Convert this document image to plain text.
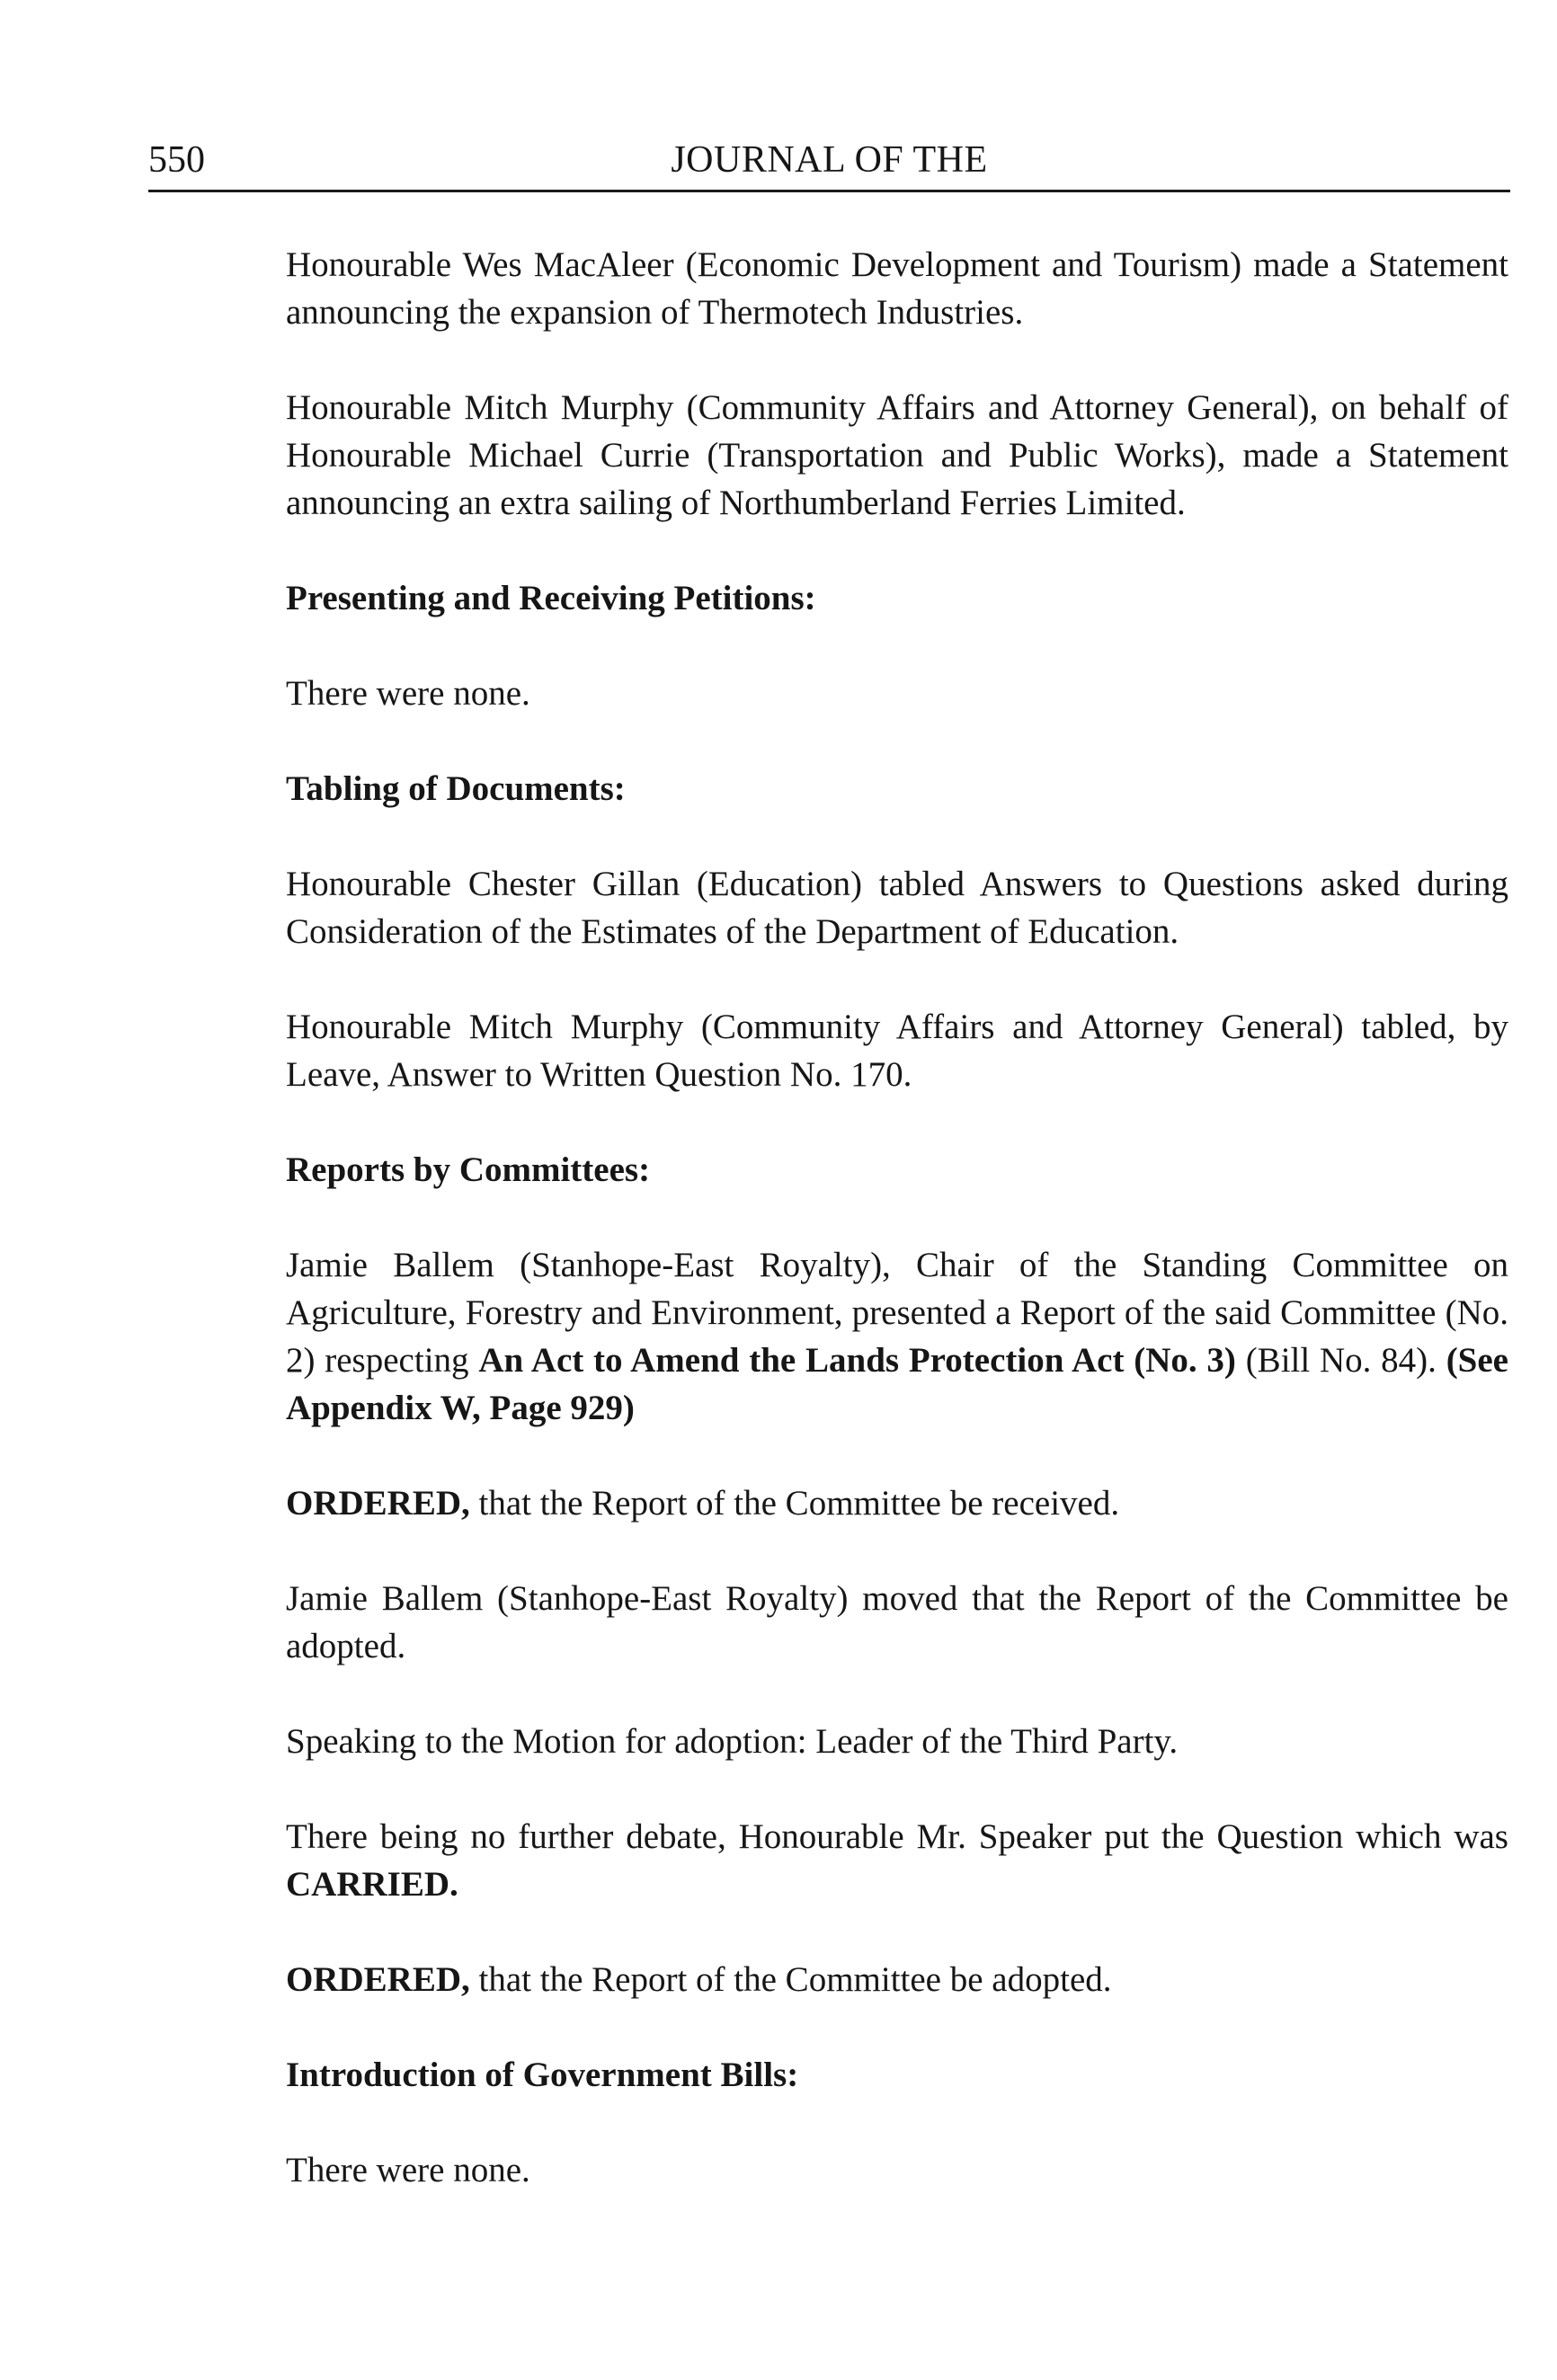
550	JOURNAL OF THE

Honourable Wes MacAleer (Economic Development and Tourism) made a Statement announcing the expansion of Thermotech Industries.

Honourable Mitch Murphy (Community Affairs and Attorney General), on behalf of Honourable Michael Currie (Transportation and Public Works), made a Statement announcing an extra sailing of Northumberland Ferries Limited.

Presenting and Receiving Petitions:

There were none.

Tabling of Documents:

Honourable Chester Gillan (Education) tabled Answers to Questions asked during Consideration of the Estimates of the Department of Education.

Honourable Mitch Murphy (Community Affairs and Attorney General) tabled, by Leave, Answer to Written Question No. 170.

Reports by Committees:

Jamie Ballem (Stanhope-East Royalty), Chair of the Standing Committee on Agriculture, Forestry and Environment, presented a Report of the said Committee (No. 2) respecting An Act to Amend the Lands Protection Act (No. 3) (Bill No. 84). (See Appendix W, Page 929)

ORDERED, that the Report of the Committee be received.

Jamie Ballem (Stanhope-East Royalty) moved that the Report of the Committee be adopted.

Speaking to the Motion for adoption: Leader of the Third Party.

There being no further debate, Honourable Mr. Speaker put the Question which was CARRIED.

ORDERED, that the Report of the Committee be adopted.

Introduction of Government Bills:

There were none.
